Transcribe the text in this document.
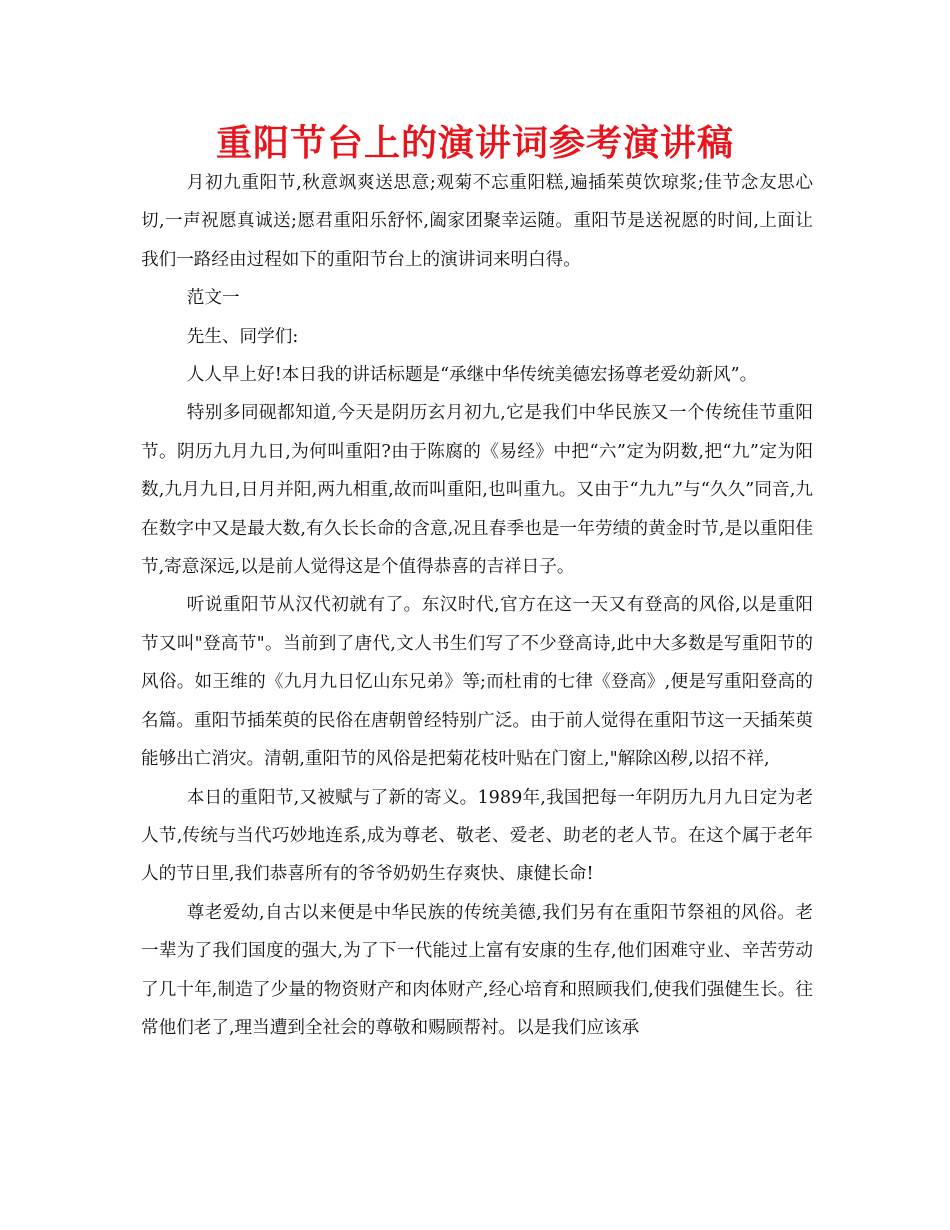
重阳节台上的演讲词参考演讲稿

月初九重阳节,秋意飒爽送思意;观菊不忘重阳糕,遍插茱萸饮琼浆;佳节念友思心切,一声祝愿真诚送;愿君重阳乐舒怀,阖家团聚幸运随。重阳节是送祝愿的时间,上面让我们一路经由过程如下的重阳节台上的演讲词来明白得。

范文一

先生、同学们:

人人早上好!本日我的讲话标题是“承继中华传统美德宏扬尊老爱幼新风”。

特别多同砚都知道,今天是阴历玄月初九,它是我们中华民族又一个传统佳节重阳节。阴历九月九日,为何叫重阳?由于陈腐的《易经》中把“六”定为阴数,把“九”定为阳数,九月九日,日月并阳,两九相重,故而叫重阳,也叫重九。又由于“九九”与“久久”同音,九在数字中又是最大数,有久长长命的含意,况且春季也是一年劳绩的黄金时节,是以重阳佳节,寄意深远,以是前人觉得这是个值得恭喜的吉祥日子。

听说重阳节从汉代初就有了。东汉时代,官方在这一天又有登高的风俗,以是重阳节又叫"登高节"。当前到了唐代,文人书生们写了不少登高诗,此中大多数是写重阳节的风俗。如王维的《九月九日忆山东兄弟》等;而杜甫的七律《登高》,便是写重阳登高的名篇。重阳节插茱萸的民俗在唐朝曾经特别广泛。由于前人觉得在重阳节这一天插茱萸能够出亡消灾。清朝,重阳节的风俗是把菊花枝叶贴在门窗上,"解除凶秽,以招不祥,

本日的重阳节,又被赋与了新的寄义。1989年,我国把每一年阴历九月九日定为老人节,传统与当代巧妙地连系,成为尊老、敬老、爱老、助老的老人节。在这个属于老年人的节日里,我们恭喜所有的爷爷奶奶生存爽快、康健长命!

尊老爱幼,自古以来便是中华民族的传统美德,我们另有在重阳节祭祖的风俗。老一辈为了我们国度的强大,为了下一代能过上富有安康的生存,他们困难守业、辛苦劳动了几十年,制造了少量的物资财产和肉体财产,经心培育和照顾我们,使我们强健生长。往常他们老了,理当遭到全社会的尊敬和赐顾帮衬。以是我们应该承
